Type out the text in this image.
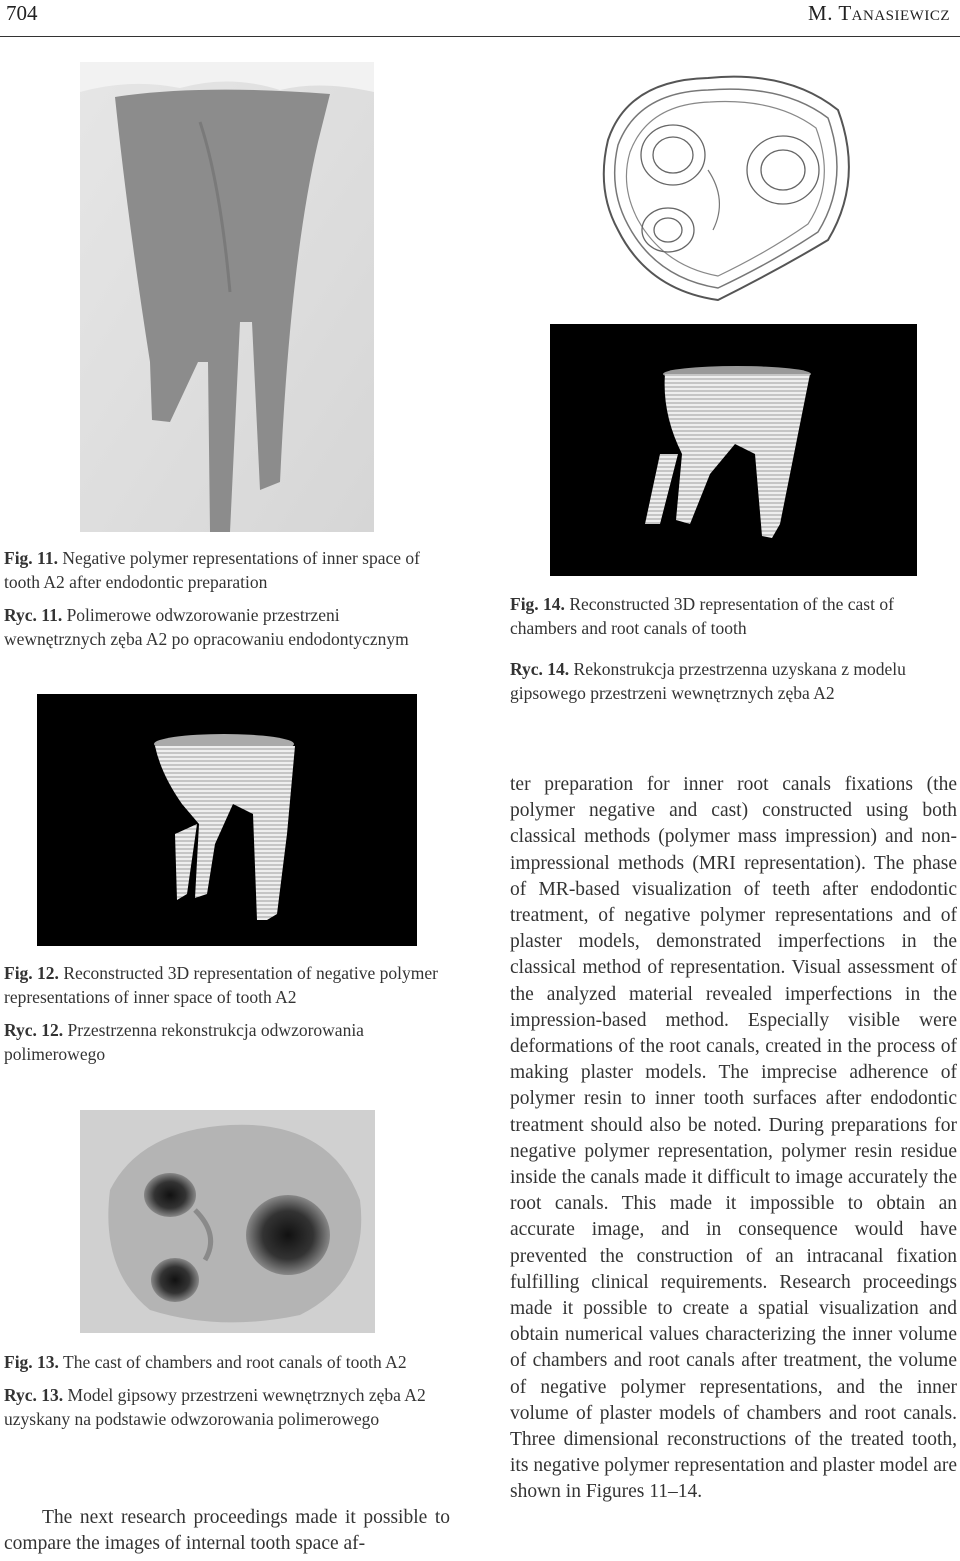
704	M. Tanasiewicz
Fig. 11. Negative polymer representations of inner space of tooth A2 after endodontic preparation
Ryc. 11. Polimerowe odwzorowanie przestrzeni wewnętrznych zęba A2 po opracowaniu endodontycznym
Fig. 14. Reconstructed 3D representation of the cast of chambers and root canals of tooth
Ryc. 14. Rekonstrukcja przestrzenna uzyskana z modelu gipsowego przestrzeni wewnętrznych zęba A2
Fig. 12. Reconstructed 3D representation of negative polymer representations of inner space of tooth A2
Ryc. 12. Przestrzenna rekonstrukcja odwzorowania polimerowego
Fig. 13. The cast of chambers and root canals of tooth A2
Ryc. 13. Model gipsowy przestrzeni wewnętrznych zęba A2 uzyskany na podstawie odwzorowania polimerowego
The next research proceedings made it possible to compare the images of internal tooth space af-
ter preparation for inner root canals fixations (the polymer negative and cast) constructed using both classical methods (polymer mass impression) and non-impressional methods (MRI representation). The phase of MR-based visualization of teeth after endodontic treatment, of negative polymer representations and of plaster models, demonstrated imperfections in the classical method of representation. Visual assessment of the analyzed material revealed imperfections in the impression-based method. Especially visible were deformations of the root canals, created in the process of making plaster models. The imprecise adherence of polymer resin to inner tooth surfaces after endodontic treatment should also be noted. During preparations for negative polymer representation, polymer resin residue inside the canals made it difficult to image accurately the root canals. This made it impossible to obtain an accurate image, and in consequence would have prevented the construction of an intracanal fixation fulfilling clinical requirements. Research proceedings made it possible to create a spatial visualization and obtain numerical values characterizing the inner volume of chambers and root canals after treatment, the volume of negative polymer representations, and the inner volume of plaster models of chambers and root canals. Three dimensional reconstructions of the treated tooth, its negative polymer representation and plaster model are shown in Figures 11–14.
